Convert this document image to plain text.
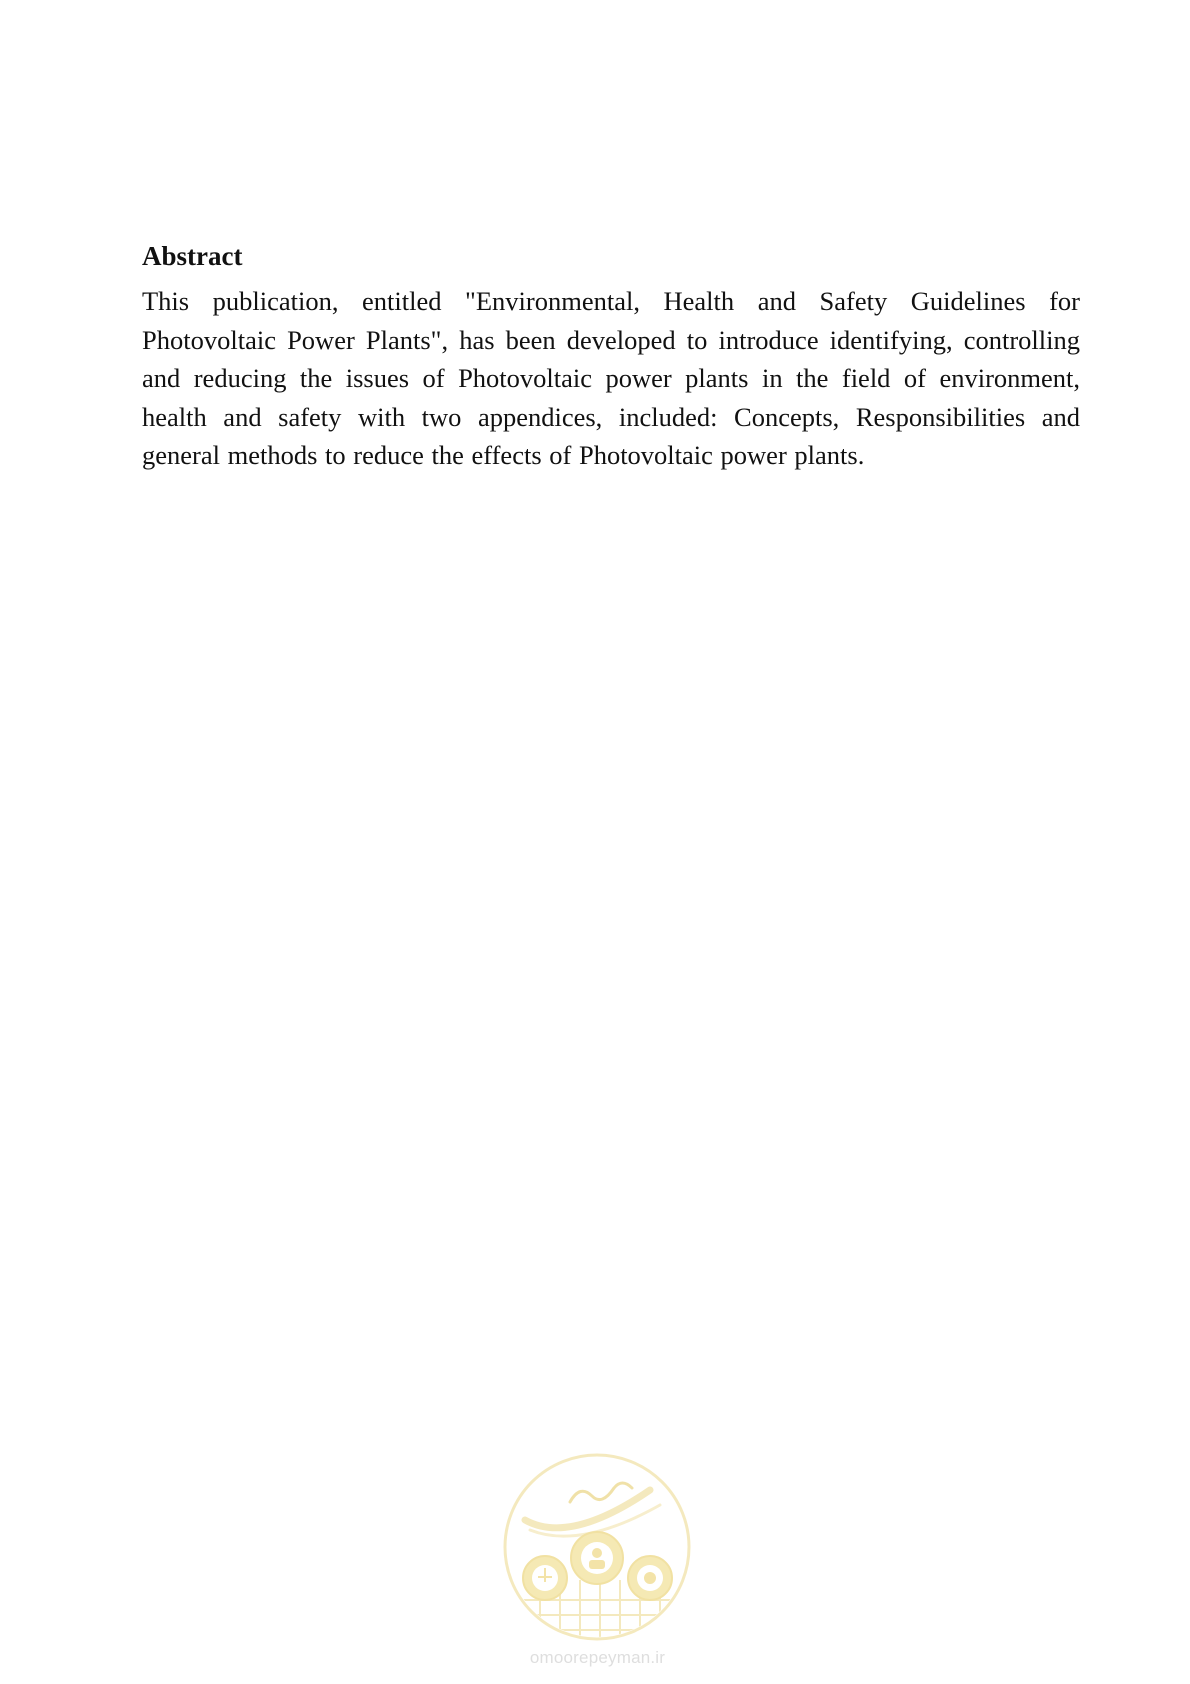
Abstract

This publication, entitled "Environmental, Health and Safety Guidelines for Photovoltaic Power Plants", has been developed to introduce identifying, controlling and reducing the issues of Photovoltaic power plants in the field of environment, health and safety with two appendices, included: Concepts, Responsibilities and general methods to reduce the effects of Photovoltaic power plants.

omoorepeyman.ir
